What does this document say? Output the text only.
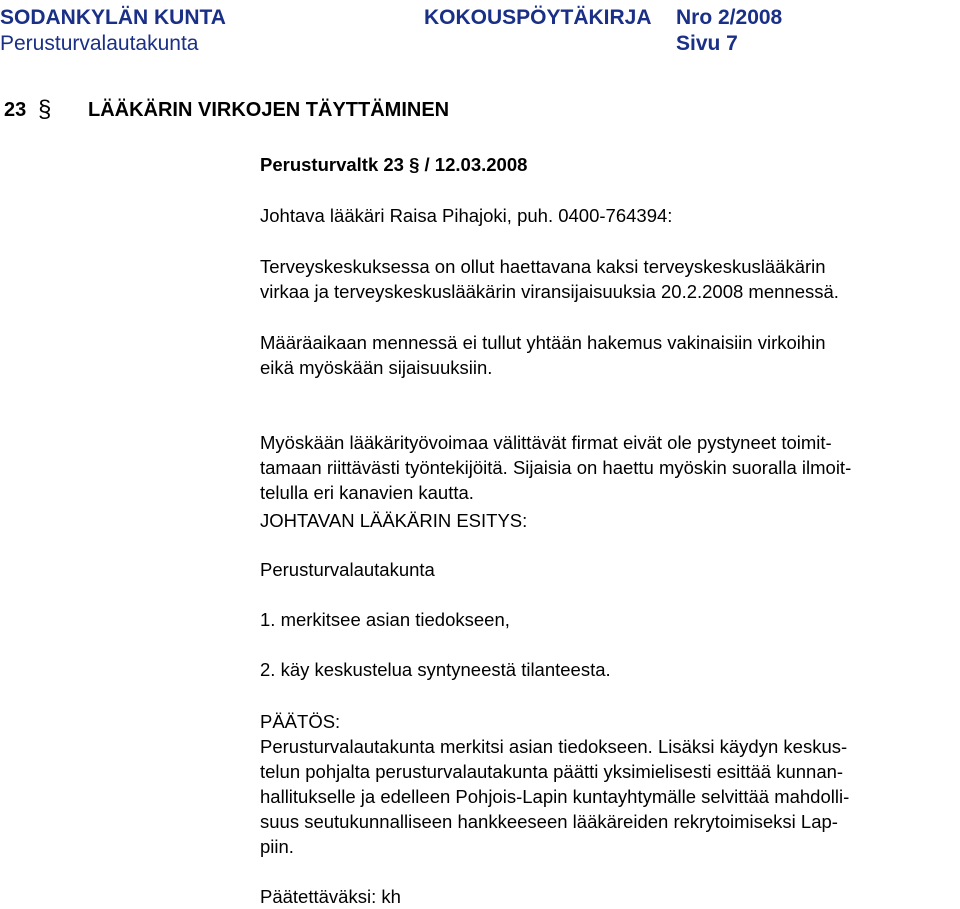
SODANKYLÄN KUNTA	KOKOUSPÖYTÄKIRJA Nro 2/2008
Perusturvalautakunta	Sivu 7
23 § LÄÄKÄRIN VIRKOJEN TÄYTTÄMINEN
Perusturvaltk 23 § / 12.03.2008
Johtava lääkäri Raisa Pihajoki, puh. 0400-764394:
Terveyskeskuksessa on ollut haettavana kaksi terveyskeskuslääkärin
virkaa ja terveyskeskuslääkärin viransijaisuuksia 20.2.2008 mennessä.
Määräaikaan mennessä ei tullut yhtään hakemus vakinaisiin virkoihin
eikä myöskään sijaisuuksiin.
Myöskään lääkärityövoimaa välittävät firmat eivät ole pystyneet toimit-
tamaan riittävästi työntekijöitä. Sijaisia on haettu myöskin suoralla ilmoit-
telulla eri kanavien kautta.
JOHTAVAN LÄÄKÄRIN ESITYS:
Perusturvalautakunta
1. merkitsee asian tiedokseen,
2. käy keskustelua syntyneestä tilanteesta.
PÄÄTÖS:
Perusturvalautakunta merkitsi asian tiedokseen. Lisäksi käydyn keskus-
telun pohjalta perusturvalautakunta päätti yksimielisesti esittää kunnan-
hallitukselle ja edelleen Pohjois-Lapin kuntayhtymälle selvittää mahdolli-
suus seutukunnalliseen hankkeeseen lääkäreiden rekrytoimiseksi Lap-
piin.
Päätettäväksi: kh
